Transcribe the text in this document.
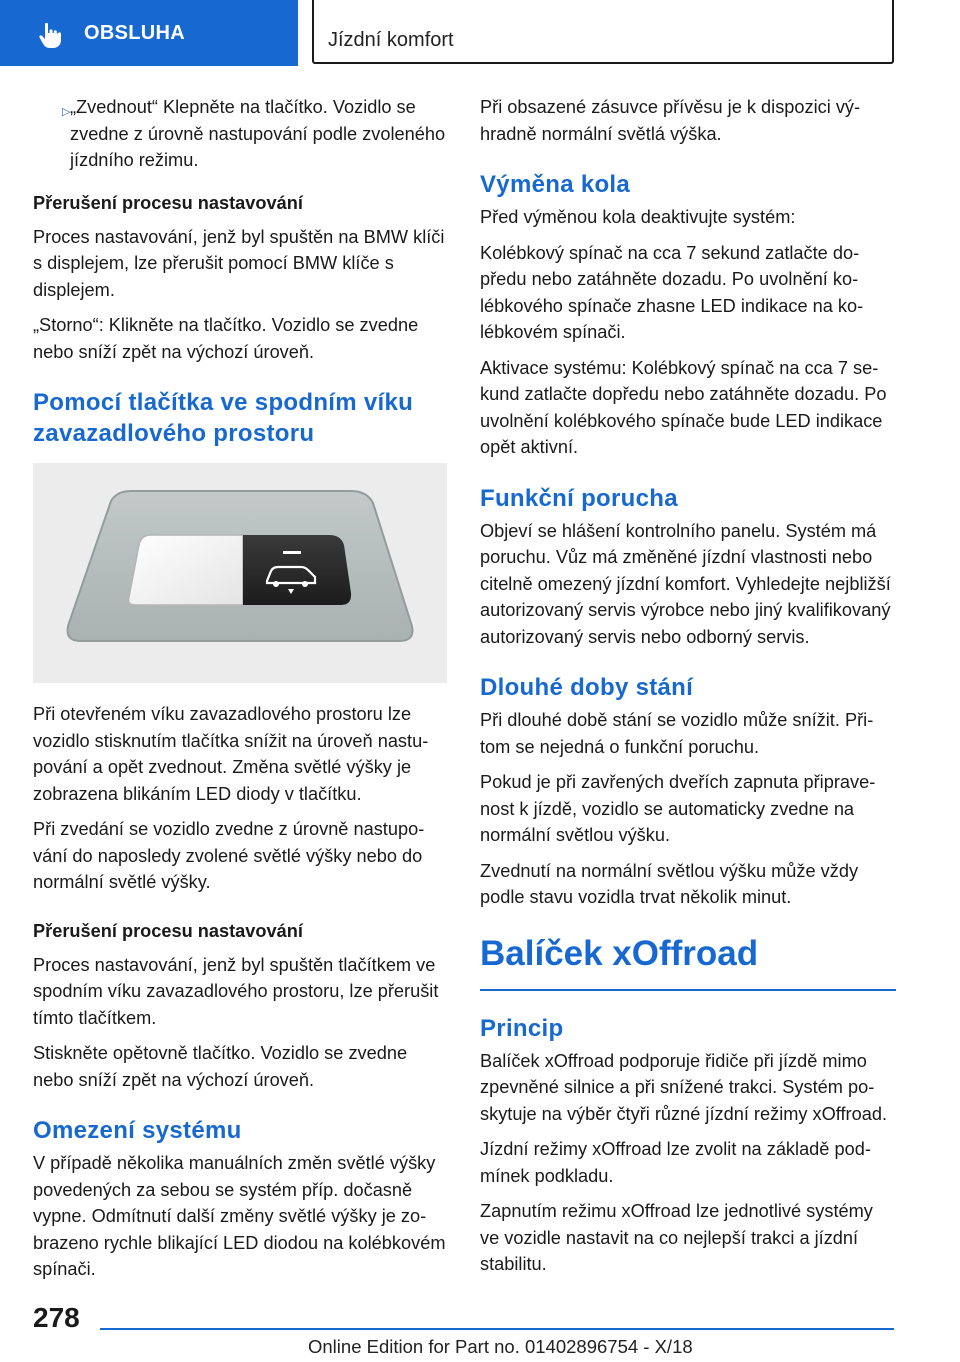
OBSLUHA	Jízdní komfort

▷ „Zvednout“ Klepněte na tlačítko. Vozidlo se zvedne z úrovně nastupování podle zvoleného jízdního režimu.

Přerušení procesu nastavování

Proces nastavování, jenž byl spuštěn na BMW klíči s displejem, lze přerušit pomocí BMW klíče s displejem.

„Storno“: Klikněte na tlačítko. Vozidlo se zvedne nebo sníží zpět na výchozí úroveň.

Pomocí tlačítka ve spodním víku zavazadlového prostoru

Při otevřeném víku zavazadlového prostoru lze vozidlo stisknutím tlačítka snížit na úroveň nastupování a opět zvednout. Změna světlé výšky je zobrazena blikáním LED diody v tlačítku.

Při zvedání se vozidlo zvedne z úrovně nastupování do naposledy zvolené světlé výšky nebo do normální světlé výšky.

Přerušení procesu nastavování

Proces nastavování, jenž byl spuštěn tlačítkem ve spodním víku zavazadlového prostoru, lze přerušit tímto tlačítkem.

Stiskněte opětovně tlačítko. Vozidlo se zvedne nebo sníží zpět na výchozí úroveň.

Omezení systému

V případě několika manuálních změn světlé výšky povedených za sebou se systém příp. dočasně vypne. Odmítnutí další změny světlé výšky je zobrazeno rychle blikající LED diodou na kolébkovém spínači.

Při obsazené zásuvce přívěsu je k dispozici výhradně normální světlá výška.

Výměna kola

Před výměnou kola deaktivujte systém:

Kolébkový spínač na cca 7 sekund zatlačte dopředu nebo zatáhněte dozadu. Po uvolnění kolébkového spínače zhasne LED indikace na kolébkovém spínači.

Aktivace systému: Kolébkový spínač na cca 7 sekund zatlačte dopředu nebo zatáhněte dozadu. Po uvolnění kolébkového spínače bude LED indikace opět aktivní.

Funkční porucha

Objeví se hlášení kontrolního panelu. Systém má poruchu. Vůz má změněné jízdní vlastnosti nebo citelně omezený jízdní komfort. Vyhledejte nejbližší autorizovaný servis výrobce nebo jiný kvalifikovaný autorizovaný servis nebo odborný servis.

Dlouhé doby stání

Při dlouhé době stání se vozidlo může snížit. Přitom se nejedná o funkční poruchu.

Pokud je při zavřených dveřích zapnuta připravenost k jízdě, vozidlo se automaticky zvedne na normální světlou výšku.

Zvednutí na normální světlou výšku může vždy podle stavu vozidla trvat několik minut.

Balíček xOffroad
Princip

Balíček xOffroad podporuje řidiče při jízdě mimo zpevněné silnice a při snížené trakci. Systém poskytuje na výběr čtyři různé jízdní režimy xOffroad.

Jízdní režimy xOffroad lze zvolit na základě podmínek podkladu.

Zapnutím režimu xOffroad lze jednotlivé systémy ve vozidle nastavit na co nejlepší trakci a jízdní stabilitu.

278
Online Edition for Part no. 01402896754 - X/18
